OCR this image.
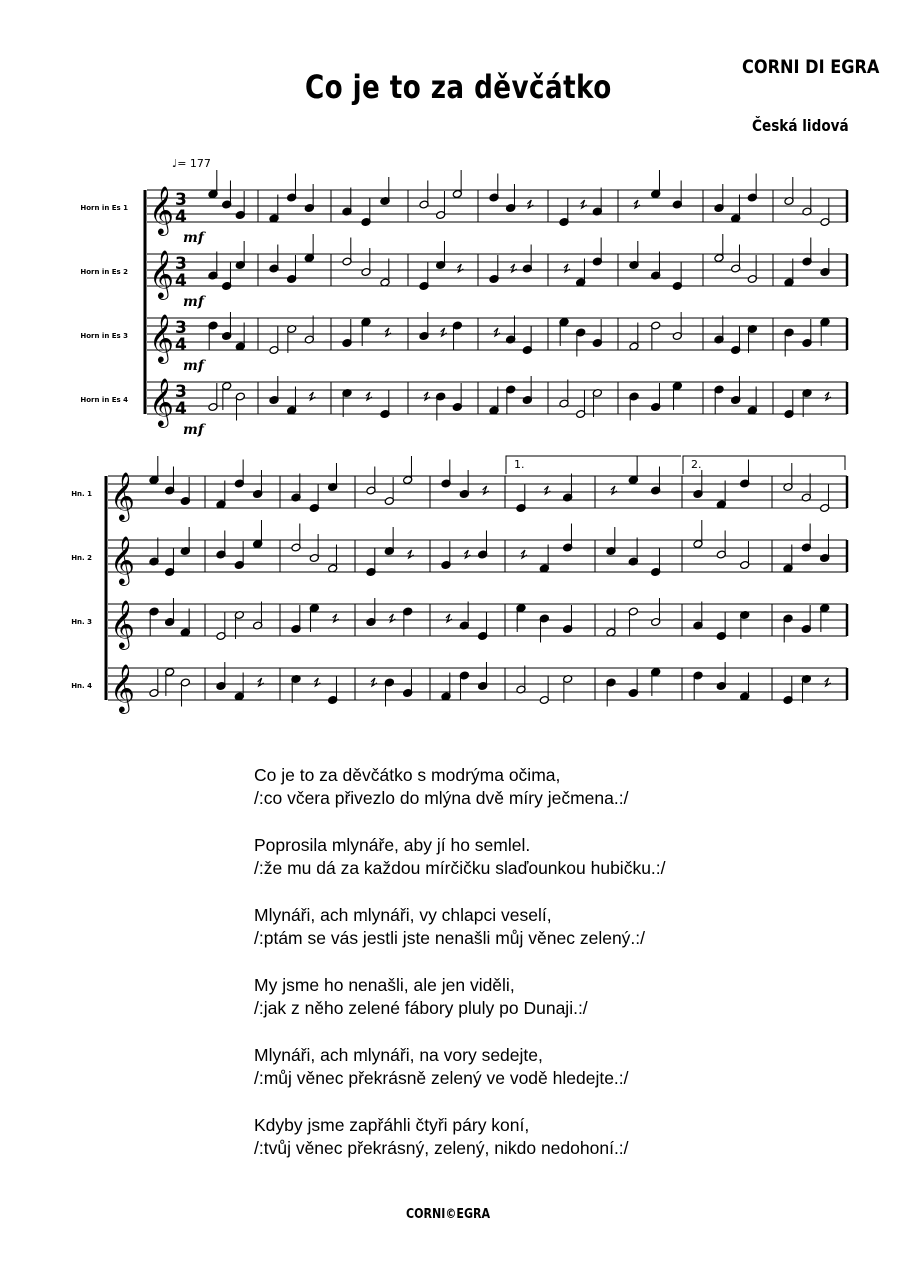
Co je to za děvčátko
CORNI DI EGRA
Česká lidová
♩= 177
𝄞
Horn in Es 1	3
4
mf
𝄞
Horn in Es 2	3
4
mf
𝄞
Horn in Es 3	3
4
mf
𝄞
Horn in Es 4	3
4
mf
𝄞
Hn. 1
𝄞
Hn. 2
𝄞
Hn. 3
𝄞
Hn. 4
1.	2.
Co je to za děvčátko s modrýma očima,
/:co včera přivezlo do mlýna dvě míry ječmena.:/
Poprosila mlynáře, aby jí ho semlel.
/:že mu dá za každou mírčičku slaďounkou hubičku.:/
Mlynáři, ach mlynáři, vy chlapci veselí,
/:ptám se vás jestli jste nenašli můj věnec zelený.:/
My jsme ho nenašli, ale jen viděli,
/:jak z něho zelené fábory pluly po Dunaji.:/
Mlynáři, ach mlynáři, na vory sedejte,
/:můj věnec překrásně zelený ve vodě hledejte.:/
Kdyby jsme zapřáhli čtyři páry koní,
/:tvůj věnec překrásný, zelený, nikdo nedohoní.:/
CORNI©EGRA
